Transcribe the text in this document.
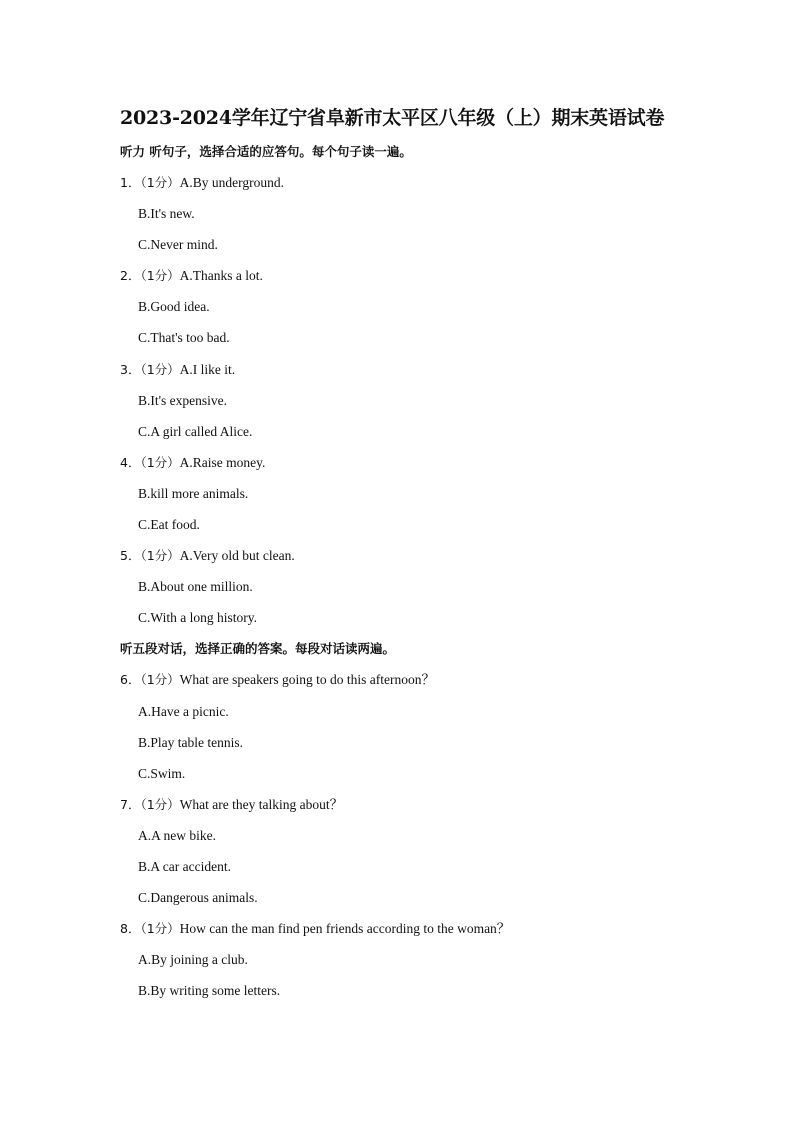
2023-2024学年辽宁省阜新市太平区八年级（上）期末英语试卷
听力 听句子，选择合适的应答句。每个句子读一遍。
1．（1分）A.By underground.
B.It's new.
C.Never mind.
2．（1分）A.Thanks a lot.
B.Good idea.
C.That's too bad.
3．（1分）A.I like it.
B.It's expensive.
C.A girl called Alice.
4．（1分）A.Raise money.
B.kill more animals.
C.Eat food.
5．（1分）A.Very old but clean.
B.About one million.
C.With a long history.
听五段对话，选择正确的答案。每段对话读两遍。
6．（1分）What are speakers going to do this afternoon？
A.Have a picnic.
B.Play table tennis.
C.Swim.
7．（1分）What are they talking about？
A.A new bike.
B.A car accident.
C.Dangerous animals.
8．（1分）How can the man find pen friends according to the woman？
A.By joining a club.
B.By writing some letters.
